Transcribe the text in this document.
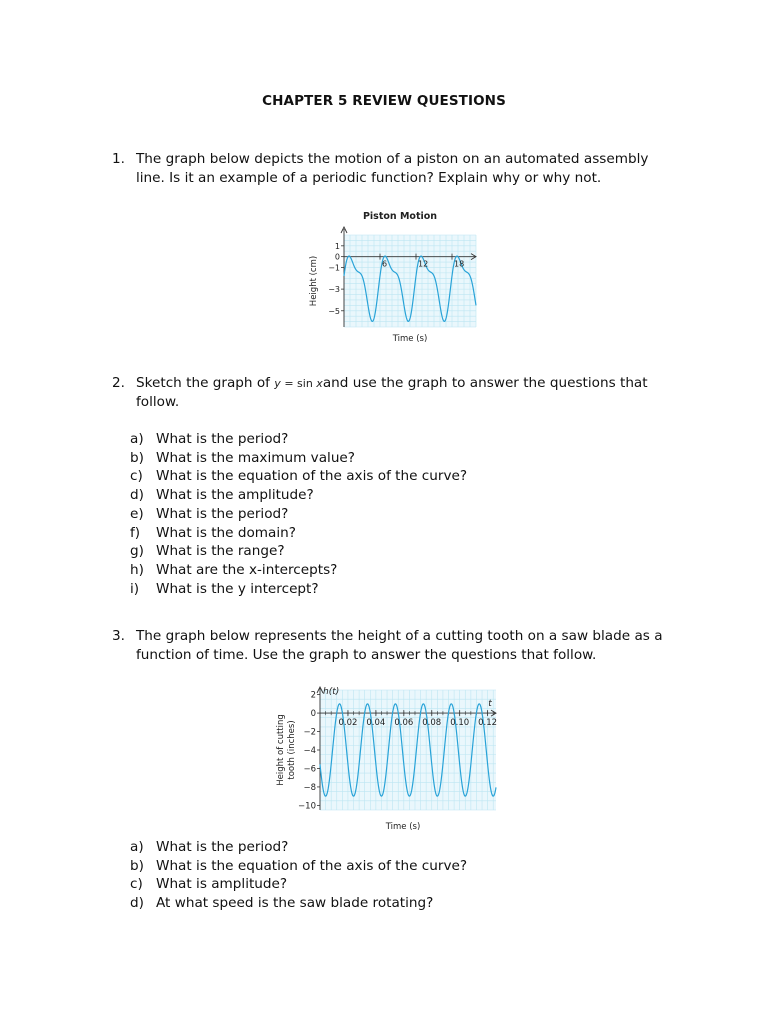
CHAPTER 5 REVIEW QUESTIONS
1. The graph below depicts the motion of a piston on an automated assembly
line. Is it an example of a periodic function? Explain why or why not.
Piston Motion
1
0
−1
−3
−5
6	12	18
Time (s)
Height (cm)
2. Sketch the graph of y = sin xand use the graph to answer the questions that
follow.
a) What is the period?
b) What is the maximum value?
c) What is the equation of the axis of the curve?
d) What is the amplitude?
e) What is the period?
f) What is the domain?
g) What is the range?
h) What are the x-intercepts?
i) What is the y intercept?
3. The graph below represents the height of a cutting tooth on a saw blade as a
function of time. Use the graph to answer the questions that follow.
2
0
−2
−4
−6
−8
−10
0.02 0.04 0.06 0.08 0.10 0.12
t
h(t)
Time (s)
Height of cutting tooth (inches)
a) What is the period?
b) What is the equation of the axis of the curve?
c) What is amplitude?
d) At what speed is the saw blade rotating?
